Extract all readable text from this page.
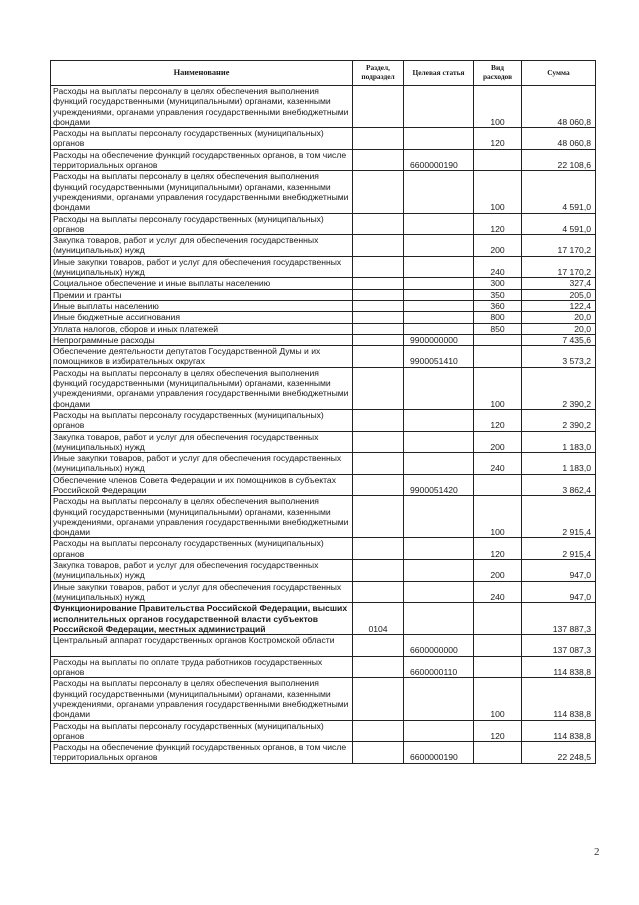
Наименование	Раздел, подраздел	Целевая статья	Вид расходов	Сумма
Расходы на выплаты персоналу в целях обеспечения выполнения функций государственными (муниципальными) органами, казенными учреждениями, органами управления государственными внебюджетными фондами			100	48 060,8
Расходы на выплаты персоналу государственных (муниципальных) органов			120	48 060,8
Расходы на обеспечение функций государственных органов, в том числе территориальных органов		6600000190		22 108,6
Расходы на выплаты персоналу в целях обеспечения выполнения функций государственными (муниципальными) органами, казенными учреждениями, органами управления государственными внебюджетными фондами			100	4 591,0
Расходы на выплаты персоналу государственных (муниципальных) органов			120	4 591,0
Закупка товаров, работ и услуг для обеспечения государственных (муниципальных) нужд			200	17 170,2
Иные закупки товаров, работ и услуг для обеспечения государственных (муниципальных) нужд			240	17 170,2
Социальное обеспечение и иные выплаты населению			300	327,4
Премии и гранты			350	205,0
Иные выплаты населению			360	122,4
Иные бюджетные ассигнования			800	20,0
Уплата налогов, сборов и иных платежей			850	20,0
Непрограммные расходы		9900000000		7 435,6
Обеспечение деятельности депутатов Государственной Думы и их помощников в избирательных округах		9900051410		3 573,2
Расходы на выплаты персоналу в целях обеспечения выполнения функций государственными (муниципальными) органами, казенными учреждениями, органами управления государственными внебюджетными фондами			100	2 390,2
Расходы на выплаты персоналу государственных (муниципальных) органов			120	2 390,2
Закупка товаров, работ и услуг для обеспечения государственных (муниципальных) нужд			200	1 183,0
Иные закупки товаров, работ и услуг для обеспечения государственных (муниципальных) нужд			240	1 183,0
Обеспечение членов Совета Федерации и их помощников в субъектах Российской Федерации		9900051420		3 862,4
Расходы на выплаты персоналу в целях обеспечения выполнения функций государственными (муниципальными) органами, казенными учреждениями, органами управления государственными внебюджетными фондами			100	2 915,4
Расходы на выплаты персоналу государственных (муниципальных) органов			120	2 915,4
Закупка товаров, работ и услуг для обеспечения государственных (муниципальных) нужд			200	947,0
Иные закупки товаров, работ и услуг для обеспечения государственных (муниципальных) нужд			240	947,0
Функционирование Правительства Российской Федерации, высших исполнительных органов государственной власти субъектов Российской Федерации, местных администраций	0104			137 887,3
Центральный аппарат государственных органов Костромской области		6600000000		137 087,3
Расходы на выплаты по оплате труда работников государственных органов		6600000110		114 838,8
Расходы на выплаты персоналу в целях обеспечения выполнения функций государственными (муниципальными) органами, казенными учреждениями, органами управления государственными внебюджетными фондами			100	114 838,8
Расходы на выплаты персоналу государственных (муниципальных) органов			120	114 838,8
Расходы на обеспечение функций государственных органов, в том числе территориальных органов		6600000190		22 248,5
2
